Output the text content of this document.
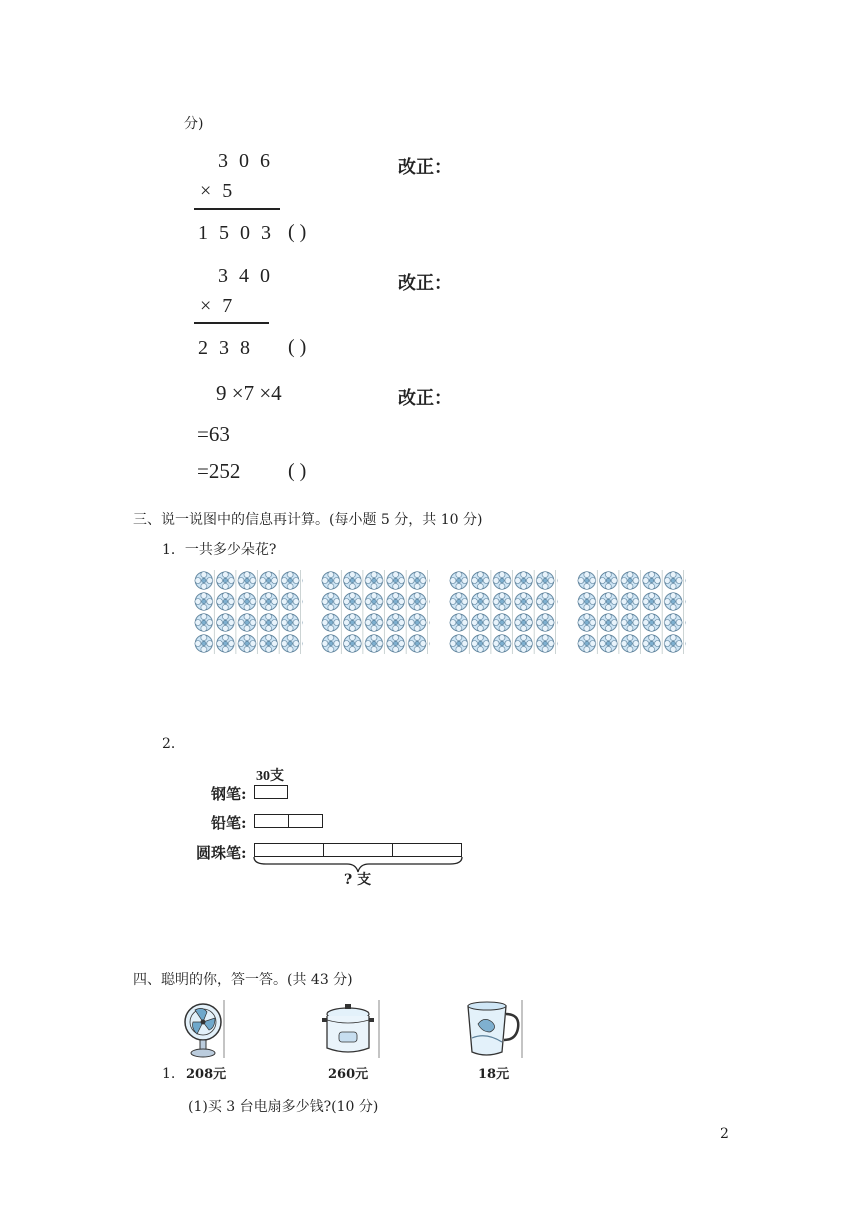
分)
3 0 6
× 5
1 5 0 3 ( )
改正：
3 4 0
× 7
2 3 8 ( )
改正：
9 ×7 ×4
=63
=252 ( )
改正：
三、说一说图中的信息再计算。(每小题 5 分，共 10 分)
1．一共多少朵花?
2．
30支
钢笔:
铅笔:
圆珠笔:
? 支
四、聪明的你，答一答。(共 43 分)
1. 208元	260元	18元
(1)买 3 台电扇多少钱?(10 分)
2
